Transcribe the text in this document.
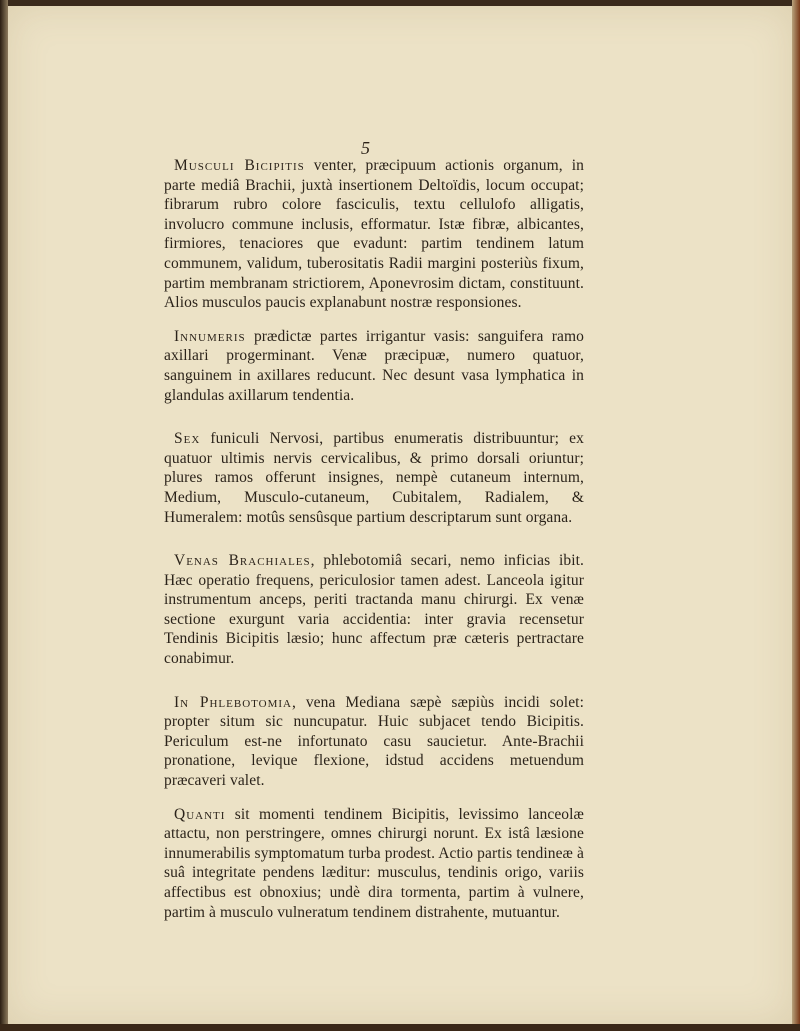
5

Musculi Bicipitis venter, præcipuum actionis organum, in parte mediâ Brachii, juxtà insertionem Deltoïdis, locum occupat; fibrarum rubro colore fasciculis, textu cellulofo alligatis, involucro commune inclusis, efformatur. Istæ fibræ, albicantes, firmiores, tenaciores que evadunt: partim tendinem latum communem, validum, tuberositatis Radii margini posteriùs fixum, partim membranam strictiorem, Aponevrosim dictam, constituunt. Alios musculos paucis explanabunt nostræ responsiones.

Innumeris prædictæ partes irrigantur vasis: sanguifera ramo axillari progerminant. Venæ præcipuæ, numero quatuor, sanguinem in axillares reducunt. Nec desunt vasa lymphatica in glandulas axillarum tendentia.

Sex funiculi Nervosi, partibus enumeratis distribuuntur; ex quatuor ultimis nervis cervicalibus, & primo dorsali oriuntur; plures ramos offerunt insignes, nempè cutaneum internum, Medium, Musculo-cutaneum, Cubitalem, Radialem, & Humeralem: motûs sensûsque partium descriptarum sunt organa.

Venas Brachiales, phlebotomiâ secari, nemo inficias ibit. Hæc operatio frequens, periculosior tamen adest. Lanceola igitur instrumentum anceps, periti tractanda manu chirurgi. Ex venæ sectione exurgunt varia accidentia: inter gravia recensetur Tendinis Bicipitis læsio; hunc affectum præ cæteris pertractare conabimur.

In Phlebotomia, vena Mediana sæpè sæpiùs incidi solet: propter situm sic nuncupatur. Huic subjacet tendo Bicipitis. Periculum est-ne infortunato casu saucietur. Ante-Brachii pronatione, levique flexione, idstud accidens metuendum præcaveri valet.

Quanti sit momenti tendinem Bicipitis, levissimo lanceolæ attactu, non perstringere, omnes chirurgi norunt. Ex istâ læsione innumerabilis symptomatum turba prodest. Actio partis tendineæ à suâ integritate pendens læditur: musculus, tendinis origo, variis affectibus est obnoxius; undè dira tormenta, partim à vulnere, partim à musculo vulneratum tendinem distrahente, mutuantur.
